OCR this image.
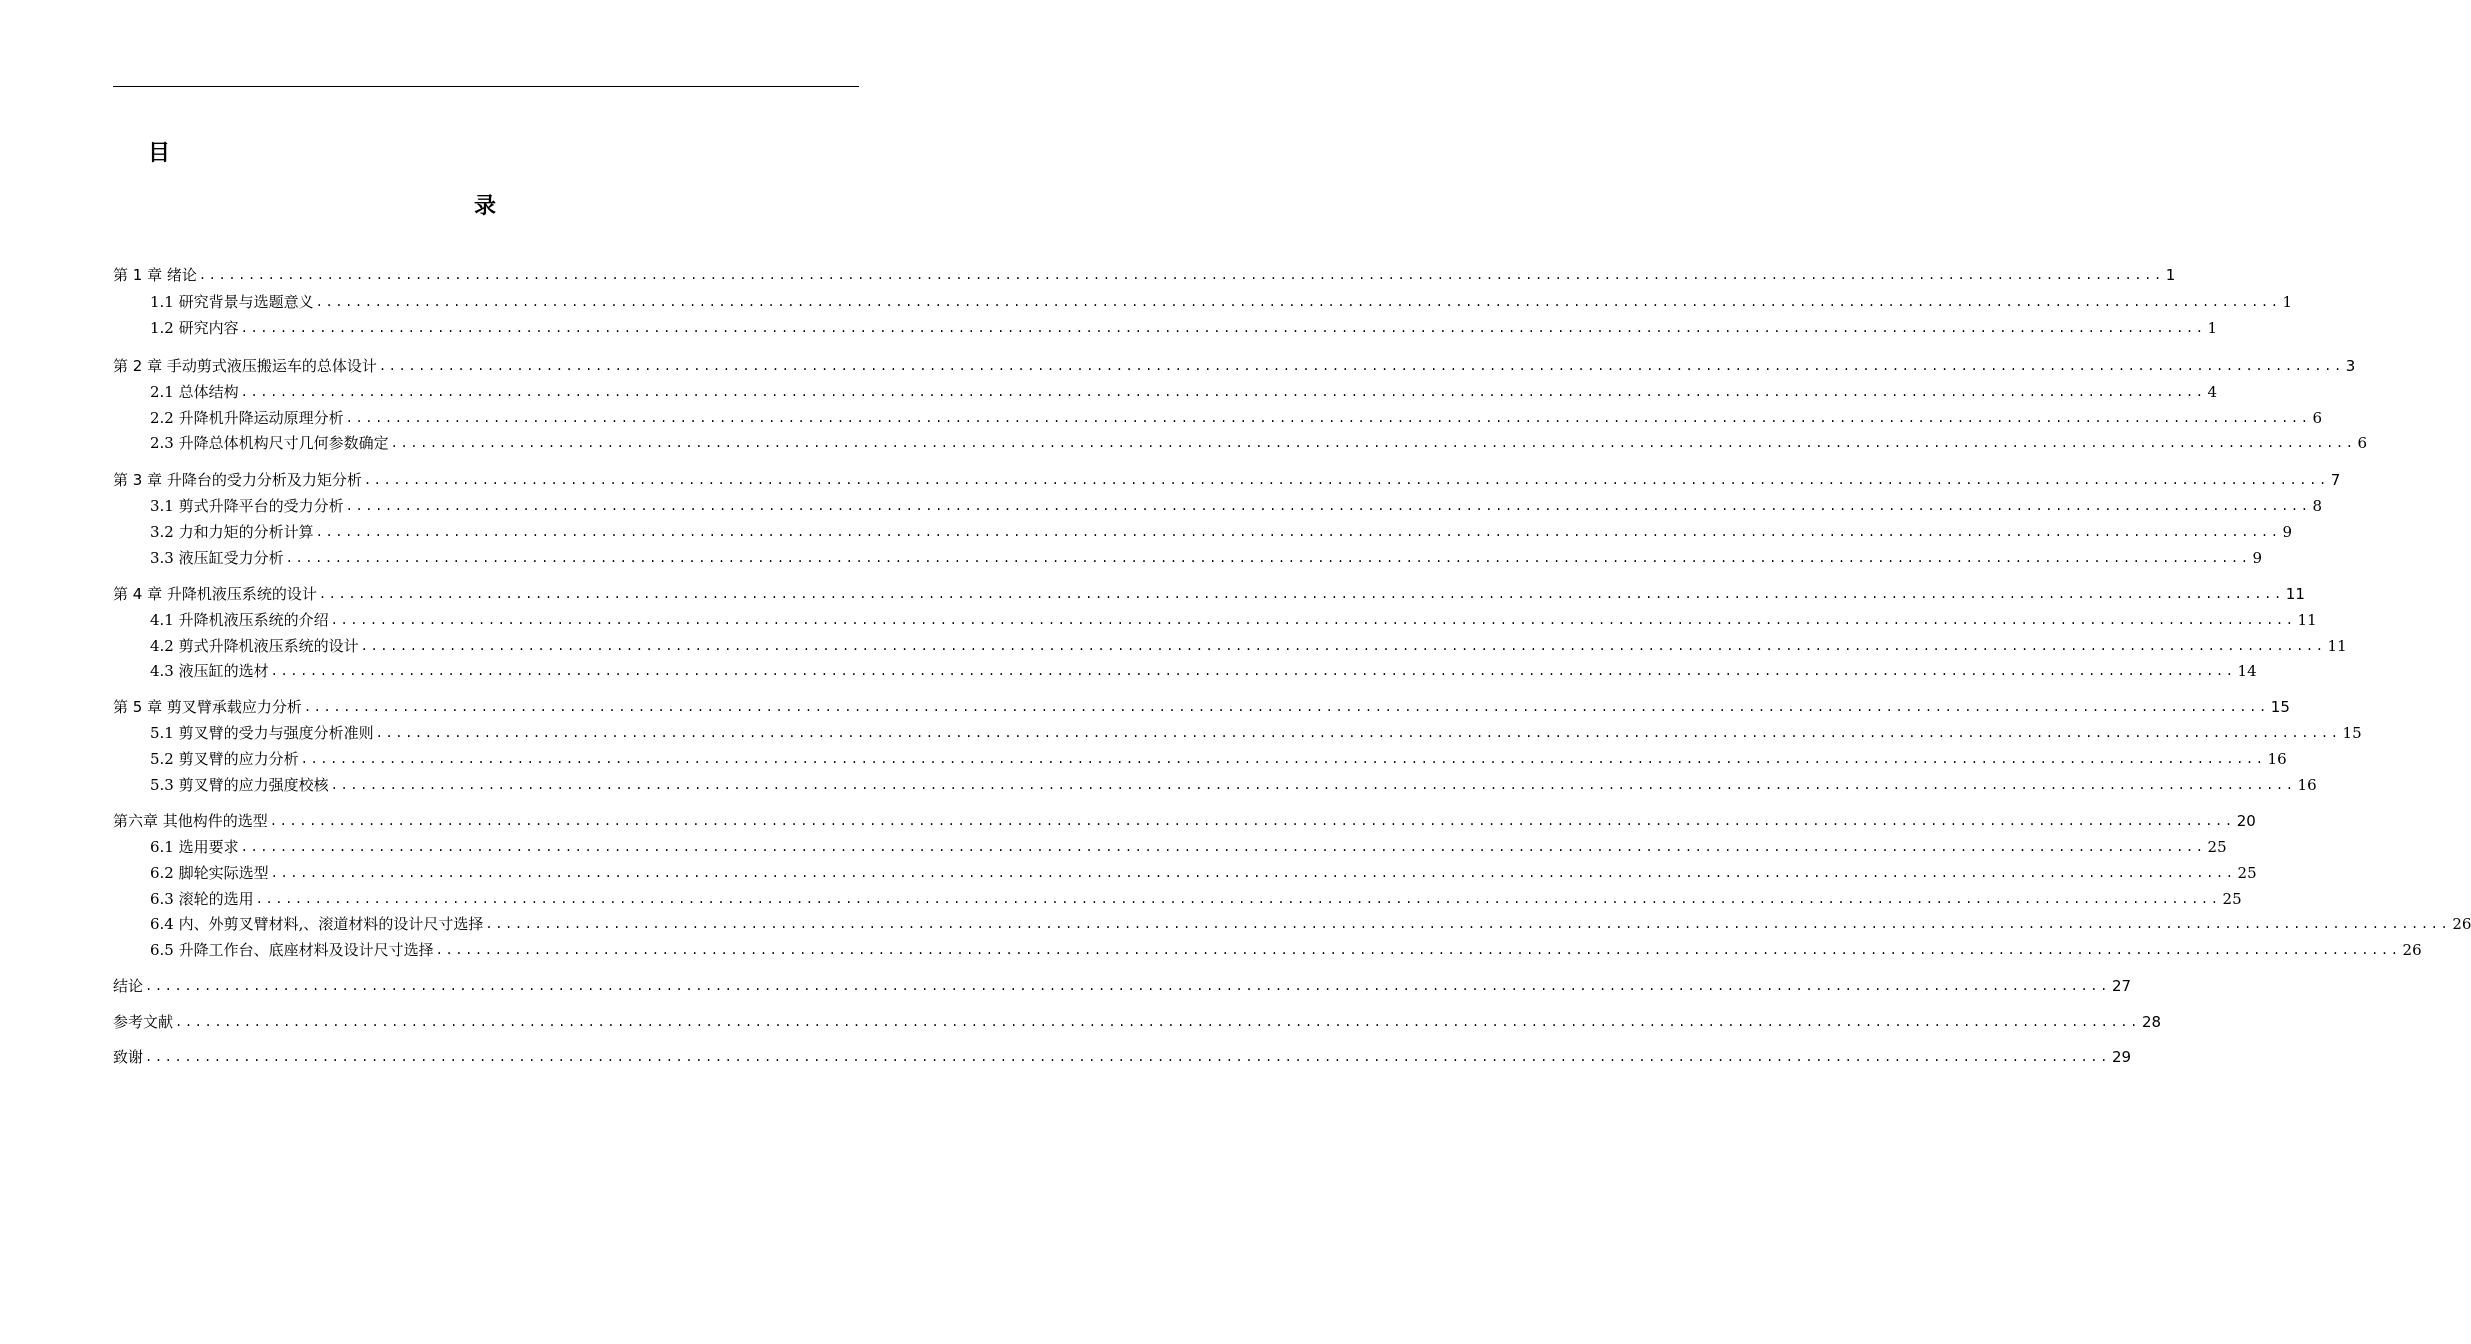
目
录
第 1 章 绪论 ........................................................................................................................................................................................................ 1
1.1 研究背景与选题意义 ........................................................................................................................................................................................................ 1
1.2 研究内容 ........................................................................................................................................................................................................ 1
第 2 章 手动剪式液压搬运车的总体设计 ........................................................................................................................................................................................................ 3
2.1 总体结构 ........................................................................................................................................................................................................ 4
2.2 升降机升降运动原理分析 ........................................................................................................................................................................................................ 6
2.3 升降总体机构尺寸几何参数确定 ........................................................................................................................................................................................................ 6
第 3 章 升降台的受力分析及力矩分析 ........................................................................................................................................................................................................ 7
3.1 剪式升降平台的受力分析 ........................................................................................................................................................................................................ 8
3.2 力和力矩的分析计算 ........................................................................................................................................................................................................ 9
3.3 液压缸受力分析 ........................................................................................................................................................................................................ 9
第 4 章 升降机液压系统的设计 ........................................................................................................................................................................................................ 11
4.1 升降机液压系统的介绍 ........................................................................................................................................................................................................ 11
4.2 剪式升降机液压系统的设计 ........................................................................................................................................................................................................ 11
4.3 液压缸的选材 ........................................................................................................................................................................................................ 14
第 5 章 剪叉臂承载应力分析 ........................................................................................................................................................................................................ 15
5.1 剪叉臂的受力与强度分析准则 ........................................................................................................................................................................................................ 15
5.2 剪叉臂的应力分析 ........................................................................................................................................................................................................ 16
5.3 剪叉臂的应力强度校核 ........................................................................................................................................................................................................ 16
第六章 其他构件的选型 ........................................................................................................................................................................................................ 20
6.1 选用要求 ........................................................................................................................................................................................................ 25
6.2 脚轮实际选型 ........................................................................................................................................................................................................ 25
6.3 滚轮的选用 ........................................................................................................................................................................................................ 25
6.4 内、外剪叉臂材料,、滚道材料的设计尺寸选择 ........................................................................................................................................................................................................ 26
6.5 升降工作台、底座材料及设计尺寸选择 ........................................................................................................................................................................................................ 26
结论 ........................................................................................................................................................................................................ 27
参考文献 ........................................................................................................................................................................................................ 28
致谢 ........................................................................................................................................................................................................ 29
